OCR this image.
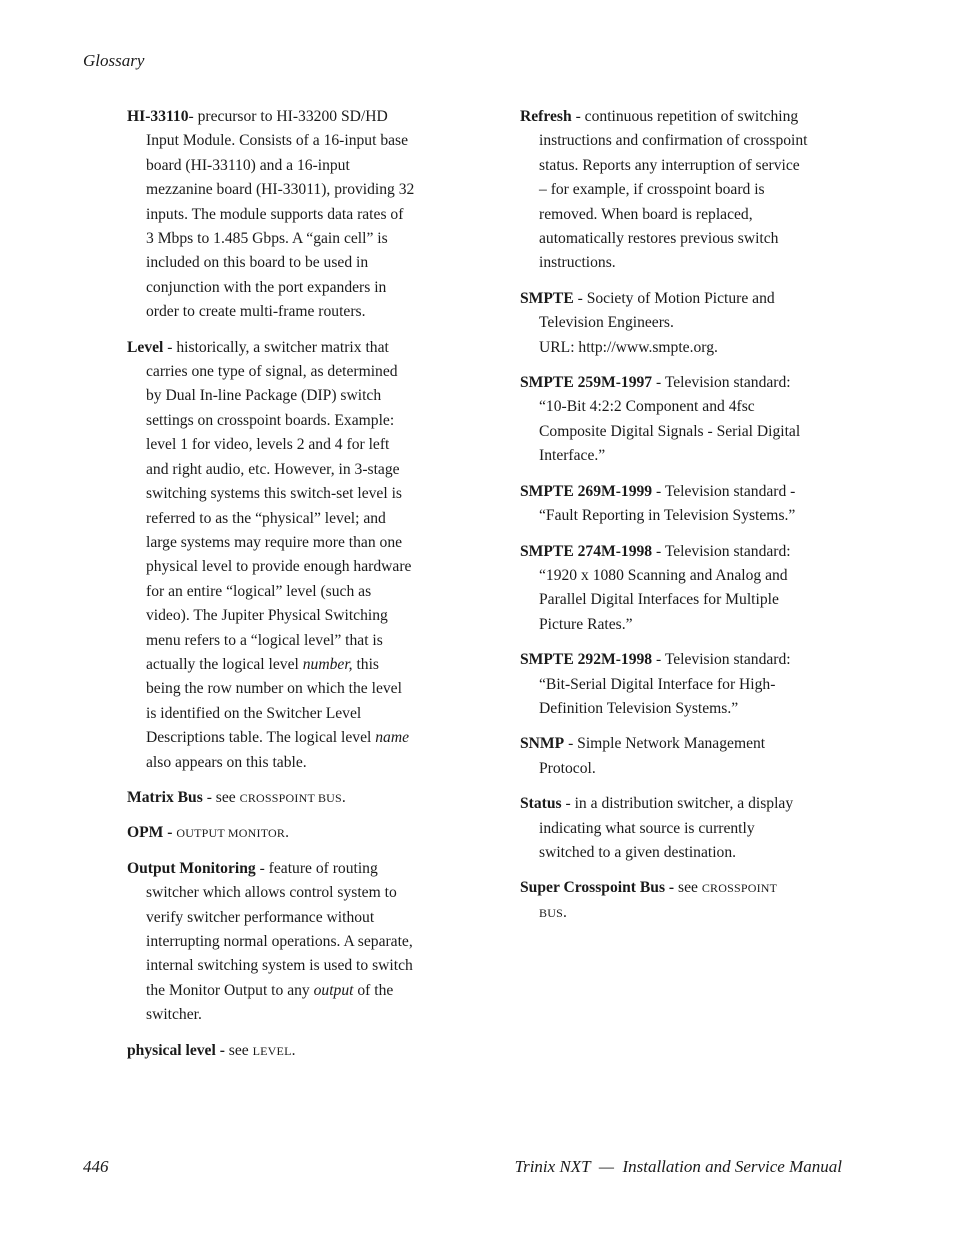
Glossary

HI-33110- precursor to HI-33200 SD/HD Input Module. Consists of a 16-input base board (HI-33110) and a 16-input mezzanine board (HI-33011), providing 32 inputs. The module supports data rates of 3 Mbps to 1.485 Gbps. A “gain cell” is included on this board to be used in conjunction with the port expanders in order to create multi-frame routers.

Level - historically, a switcher matrix that carries one type of signal, as determined by Dual In-line Package (DIP) switch settings on crosspoint boards. Example: level 1 for video, levels 2 and 4 for left and right audio, etc. However, in 3-stage switching systems this switch-set level is referred to as the “physical” level; and large systems may require more than one physical level to provide enough hardware for an entire “logical” level (such as video). The Jupiter Physical Switching menu refers to a “logical level” that is actually the logical level number, this being the row number on which the level is identified on the Switcher Level Descriptions table. The logical level name also appears on this table.

Matrix Bus - see CROSSPOINT BUS.

OPM - OUTPUT MONITOR.

Output Monitoring - feature of routing switcher which allows control system to verify switcher performance without interrupting normal operations. A separate, internal switching system is used to switch the Monitor Output to any output of the switcher.

physical level - see LEVEL.

Refresh - continuous repetition of switching instructions and confirmation of crosspoint status. Reports any interruption of service – for example, if crosspoint board is removed. When board is replaced, automatically restores previous switch instructions.

SMPTE - Society of Motion Picture and Television Engineers.
URL: http://www.smpte.org.

SMPTE 259M-1997 - Television standard: “10-Bit 4:2:2 Component and 4fsc Composite Digital Signals - Serial Digital Interface.”

SMPTE 269M-1999 - Television standard - “Fault Reporting in Television Systems.”

SMPTE 274M-1998 - Television standard: “1920 x 1080 Scanning and Analog and Parallel Digital Interfaces for Multiple Picture Rates.”

SMPTE 292M-1998 - Television standard: “Bit-Serial Digital Interface for High-Definition Television Systems.”

SNMP - Simple Network Management Protocol.

Status - in a distribution switcher, a display indicating what source is currently switched to a given destination.

Super Crosspoint Bus - see CROSSPOINT BUS.

446	Trinix NXT  —  Installation and Service Manual
